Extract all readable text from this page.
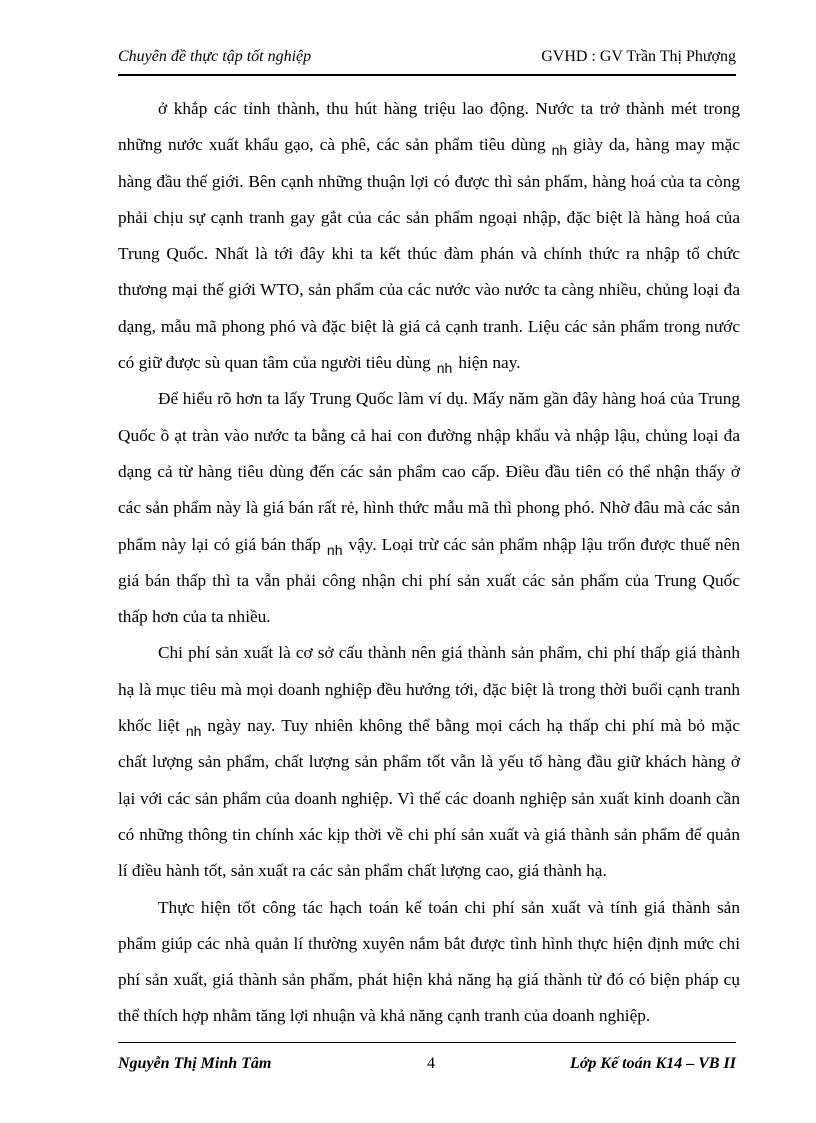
Chuyên đề thực tập tốt nghiệp	GVHD : GV Trần Thị Phượng

ở khắp các tỉnh thành, thu hút hàng triệu lao động. Nước ta trở thành mét trong những nước xuất khẩu gạo, cà phê, các sản phẩm tiêu dùng $_{nh}$ giày da, hàng may mặc hàng đầu thế giới. Bên cạnh những thuận lợi có được thì sản phẩm, hàng hoá của ta còng phải chịu sự cạnh tranh gay gắt của các sản phẩm ngoại nhập, đặc biệt là hàng hoá của Trung Quốc. Nhất là tới đây khi ta kết thúc đàm phán và chính thức ra nhập tổ chức thương mại thế giới WTO, sản phẩm của các nước vào nước ta càng nhiều, chủng loại đa dạng, mẫu mã phong phó và đặc biệt là giá cả cạnh tranh. Liệu các sản phẩm trong nước có giữ được sù quan tâm của người tiêu dùng $_{nh}$ hiện nay.

Để hiểu rõ hơn ta lấy Trung Quốc làm ví dụ. Mấy năm gần đây hàng hoá của Trung Quốc ồ ạt tràn vào nước ta bằng cả hai con đường nhập khẩu và nhập lậu, chủng loại đa dạng cả từ hàng tiêu dùng đến các sản phẩm cao cấp. Điều đầu tiên có thể nhận thấy ở các sản phẩm này là giá bán rất rẻ, hình thức mẫu mã thì phong phó. Nhờ đâu mà các sản phẩm này lại có giá bán thấp $_{nh}$ vậy. Loại trừ các sản phẩm nhập lậu trốn được thuế nên giá bán thấp thì ta vẫn phải công nhận chi phí sản xuất các sản phẩm của Trung Quốc thấp hơn của ta nhiều.

Chi phí sản xuất là cơ sở cấu thành nên giá thành sản phẩm, chi phí thấp giá thành hạ là mục tiêu mà mọi doanh nghiệp đều hướng tới, đặc biệt là trong thời buổi cạnh tranh khốc liệt $_{nh}$ ngày nay. Tuy nhiên không thể bằng mọi cách hạ thấp chi phí mà bỏ mặc chất lượng sản phẩm, chất lượng sản phẩm tốt vẫn là yếu tố hàng đầu giữ khách hàng ở lại với các sản phẩm của doanh nghiệp. Vì thế các doanh nghiệp sản xuất kinh doanh cần có những thông tin chính xác kịp thời về chi phí sản xuất và giá thành sản phẩm để quản lí điều hành tốt, sản xuất ra các sản phẩm chất lượng cao, giá thành hạ.

Thực hiện tốt công tác hạch toán kế toán chi phí sản xuất và tính giá thành sản phẩm giúp các nhà quản lí thường xuyên nắm bắt được tình hình thực hiện định mức chi phí sản xuất, giá thành sản phẩm, phát hiện khả năng hạ giá thành từ đó có biện pháp cụ thể thích hợp nhằm tăng lợi nhuận và khả năng cạnh tranh của doanh nghiệp.

Nguyễn Thị Minh Tâm	4	Lớp Kế toán K14 – VB II
